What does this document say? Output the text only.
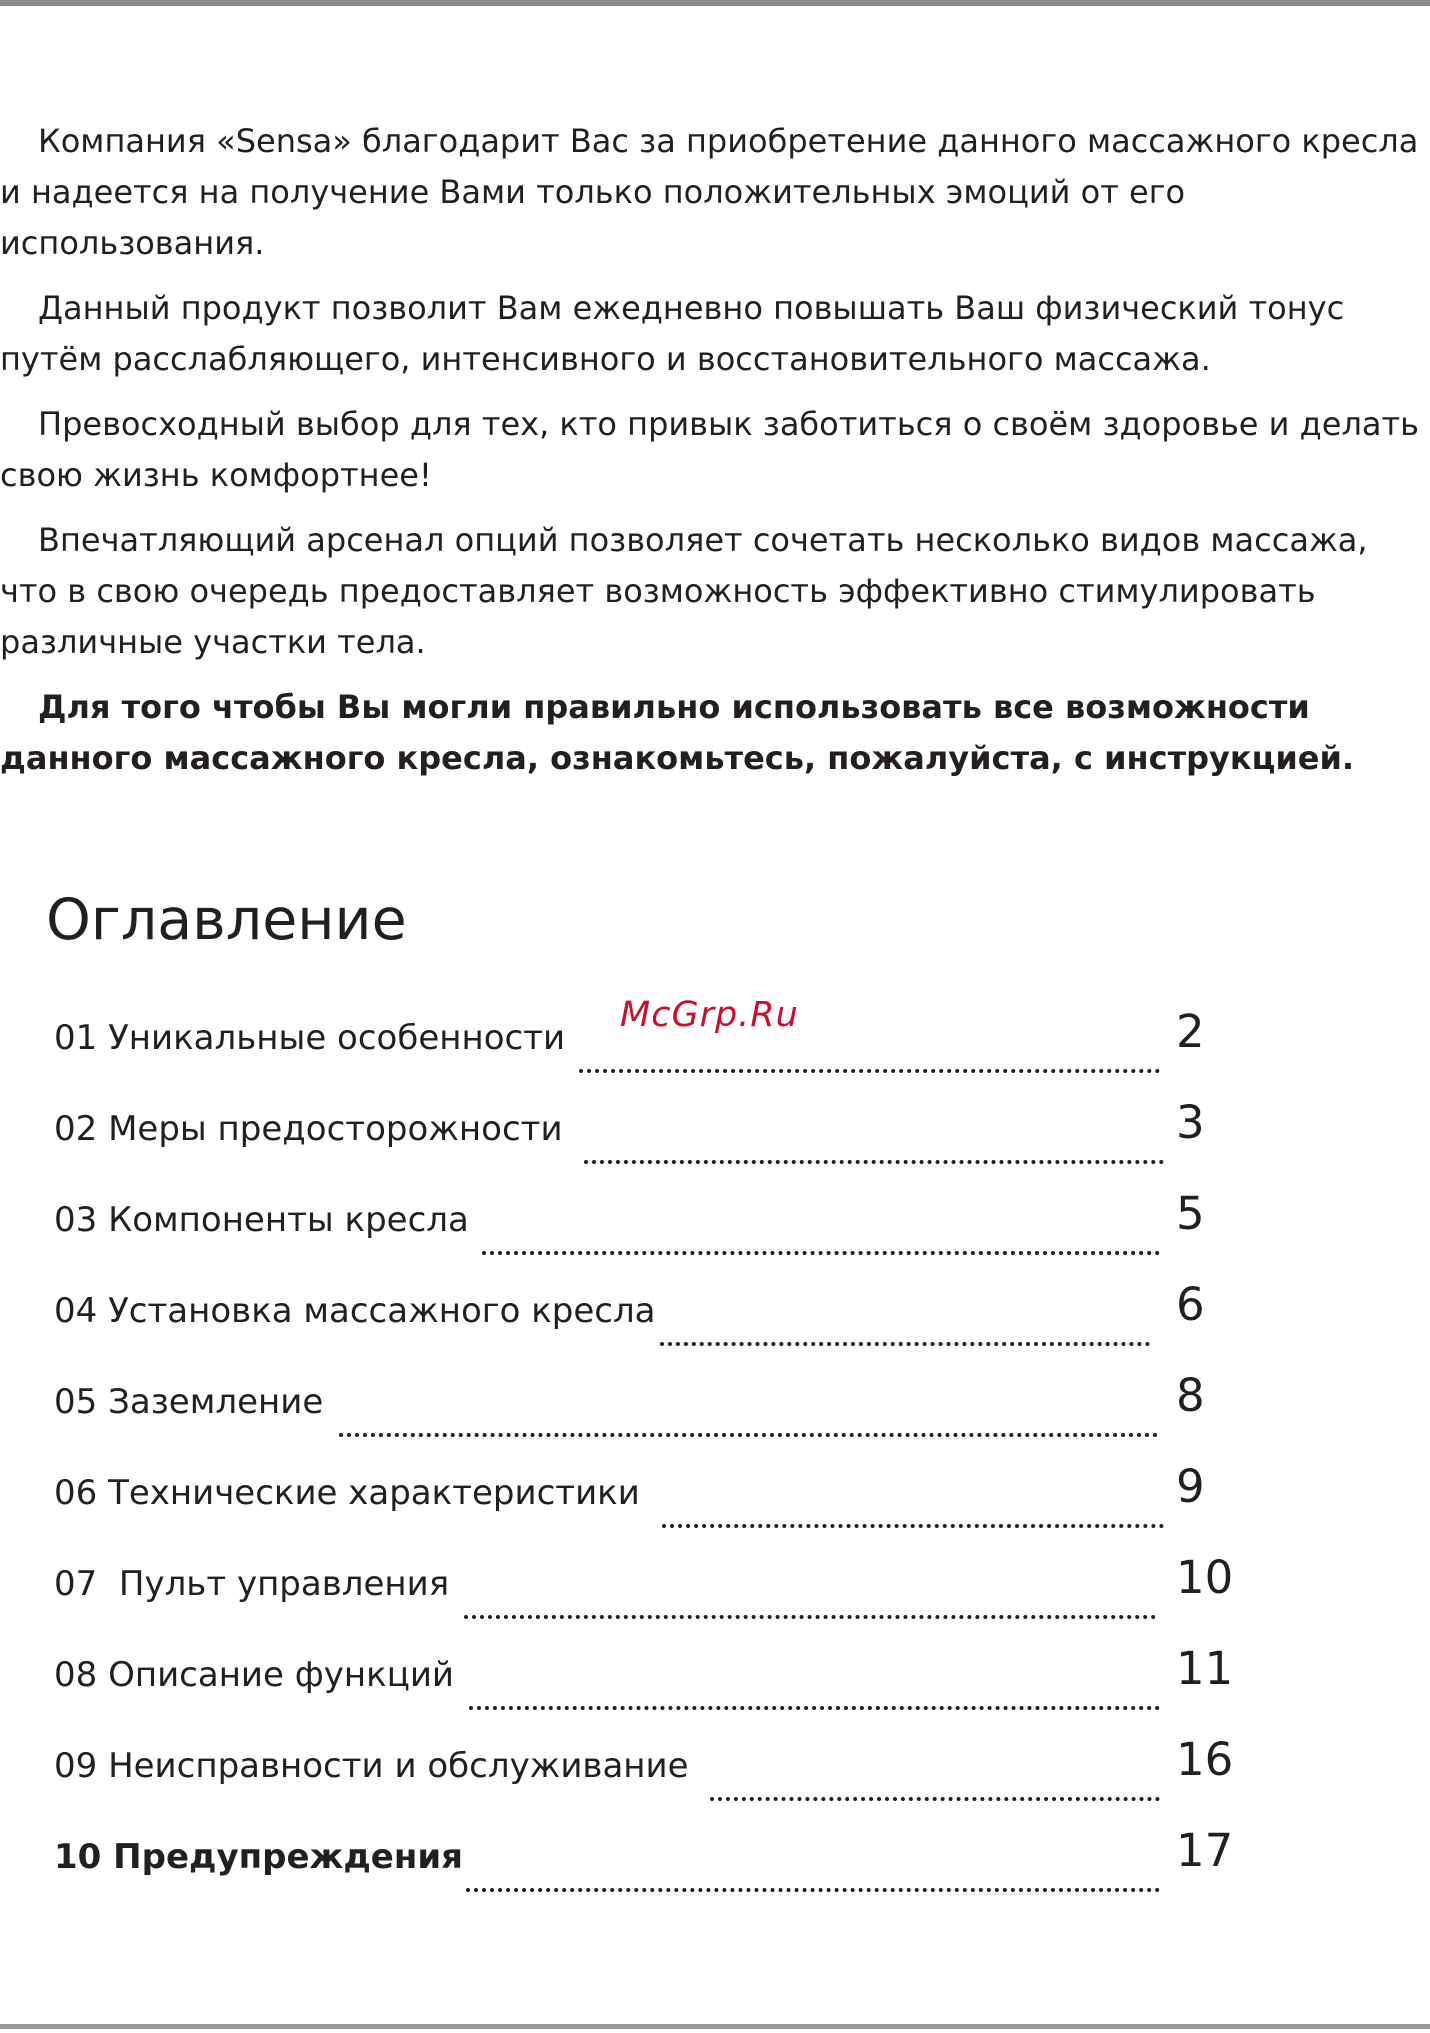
Компания «Sensa» благодарит Вас за приобретение данного массажного кресла и надеется на получение Вами только положительных эмоций от его использования.

Данный продукт позволит Вам ежедневно повышать Ваш физический тонус путём расслабляющего, интенсивного и восстановительного массажа.

Превосходный выбор для тех, кто привык заботиться о своём здоровье и делать свою жизнь комфортнее!

Впечатляющий арсенал опций позволяет сочетать несколько видов массажа, что в свою очередь предоставляет возможность эффективно стимулировать различные участки тела.

Для того чтобы Вы могли правильно использовать все возможности данного массажного кресла, ознакомьтесь, пожалуйста, с инструкцией.

Оглавление
McGrp.Ru
01 Уникальные особенности	2
02 Меры предосторожности	3
03 Компоненты кресла	5
04 Установка массажного кресла	6
05 Заземление	8
06 Технические характеристики	9
07  Пульт управления	10
08 Описание функций	11
09 Неисправности и обслуживание	16
10 Предупреждения	17
